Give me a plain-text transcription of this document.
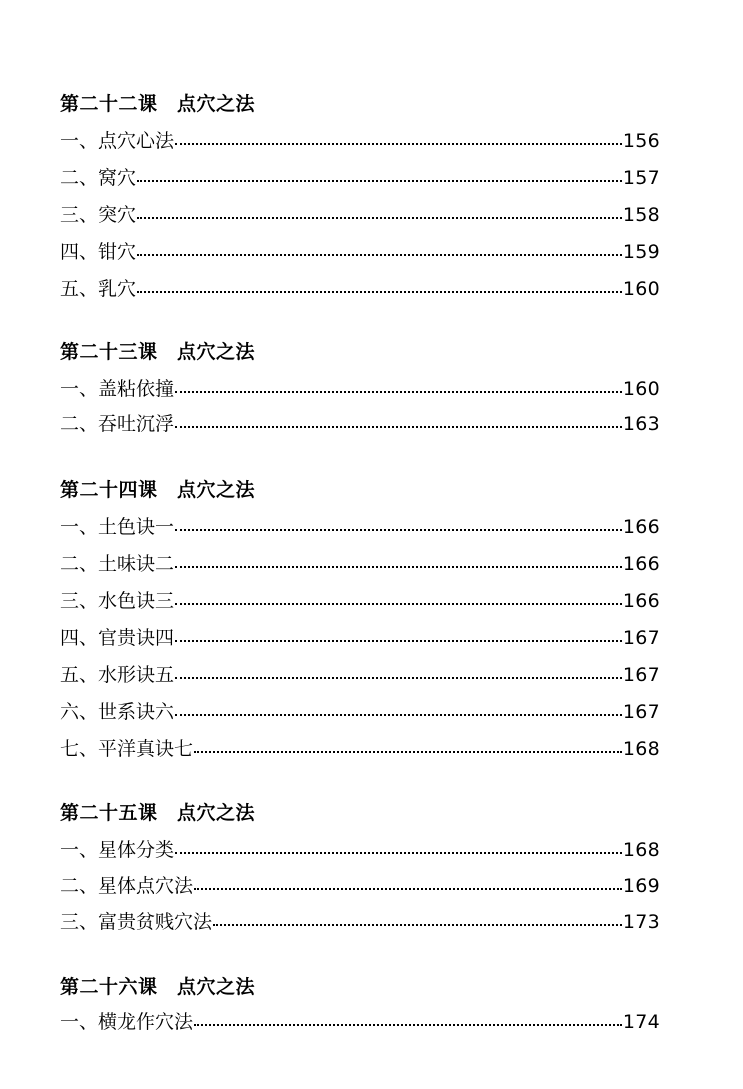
第二十二课　点穴之法
一、点穴心法	156
二、窝穴	157
三、突穴	158
四、钳穴	159
五、乳穴	160
第二十三课　点穴之法
一、盖粘依撞	160
二、吞吐沉浮	163
第二十四课　点穴之法
一、土色诀一	166
二、土味诀二	166
三、水色诀三	166
四、官贵诀四	167
五、水形诀五	167
六、世系诀六	167
七、平洋真诀七	168
第二十五课　点穴之法
一、星体分类	168
二、星体点穴法	169
三、富贵贫贱穴法	173
第二十六课　点穴之法
一、横龙作穴法	174
